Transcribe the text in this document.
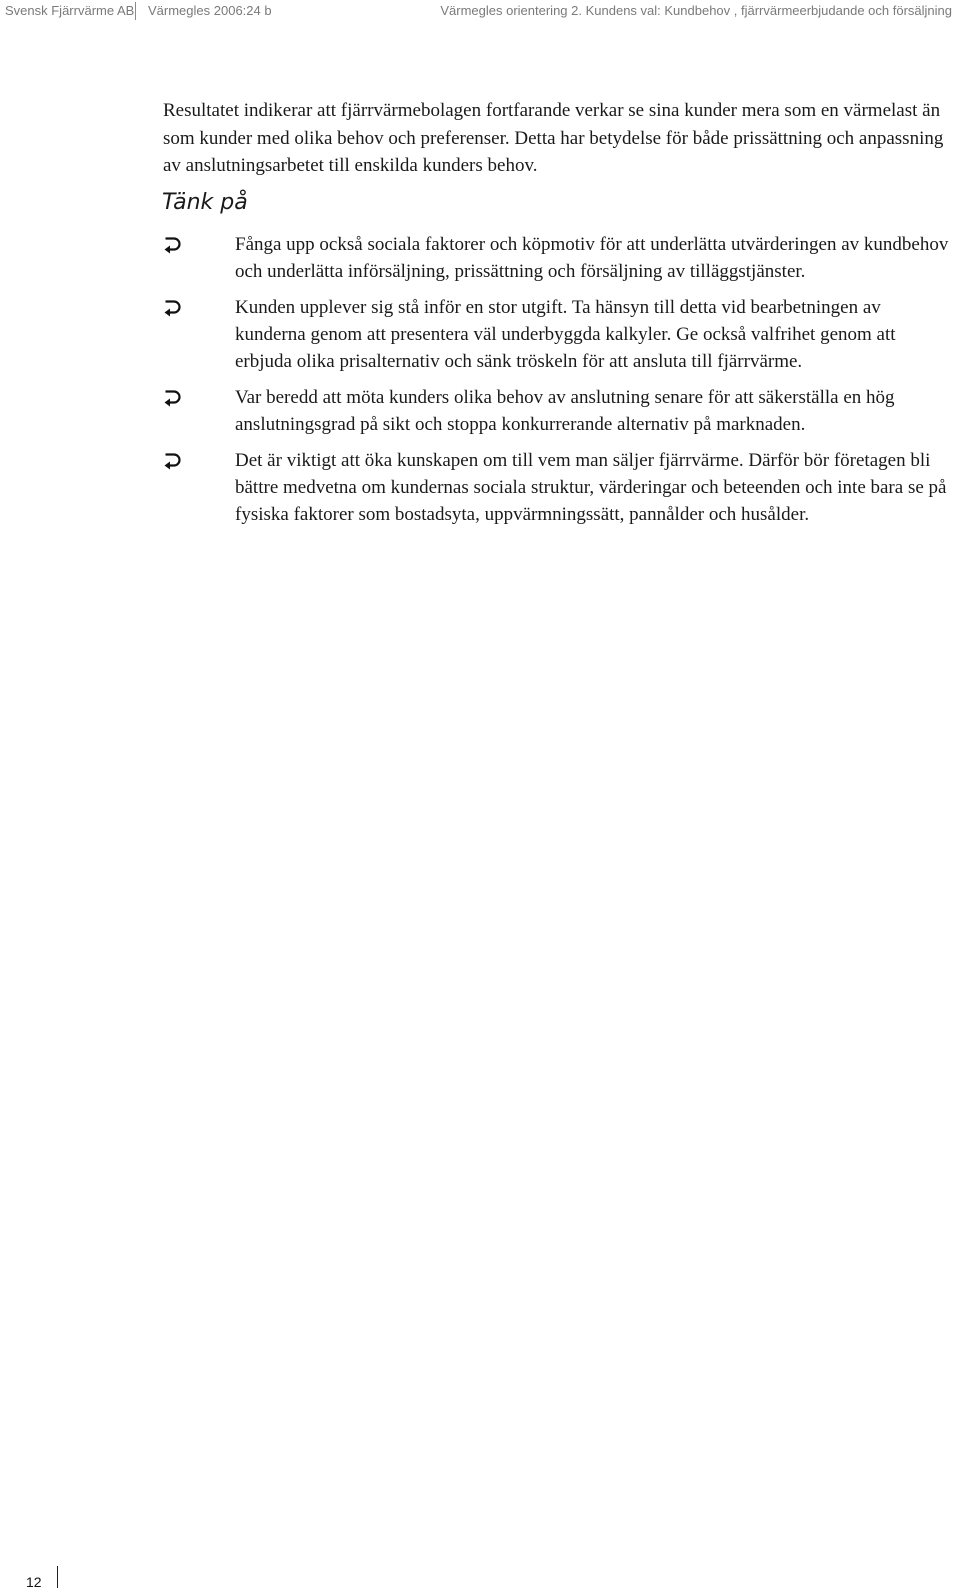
Svensk Fjärrvärme AB Värmegles 2006:24 b	Värmegles orientering 2. Kundens val: Kundbehov , fjärrvärmeerbjudande och försäljning

Resultatet indikerar att fjärrvärmebolagen fortfarande verkar se sina kunder mera som en värmelast än som kunder med olika behov och preferenser. Detta har betydelse för både prissättning och anpassning av anslutningsarbetet till enskilda kunders behov.

Tänk på
Fånga upp också sociala faktorer och köpmotiv för att underlätta utvärderingen av kundbehov och underlätta införsäljning, prissättning och försäljning av tilläggstjänster.
Kunden upplever sig stå inför en stor utgift. Ta hänsyn till detta vid bearbetningen av kunderna genom att presentera väl underbyggda kalkyler. Ge också valfrihet genom att erbjuda olika prisalternativ och sänk tröskeln för att ansluta till fjärrvärme.
Var beredd att möta kunders olika behov av anslutning senare för att säkerställa en hög anslutningsgrad på sikt och stoppa konkurrerande alternativ på marknaden.
Det är viktigt att öka kunskapen om till vem man säljer fjärrvärme. Därför bör företagen bli bättre medvetna om kundernas sociala struktur, värderingar och beteenden och inte bara se på fysiska faktorer som bostadsyta, uppvärmningssätt, pannålder och husålder.
12
